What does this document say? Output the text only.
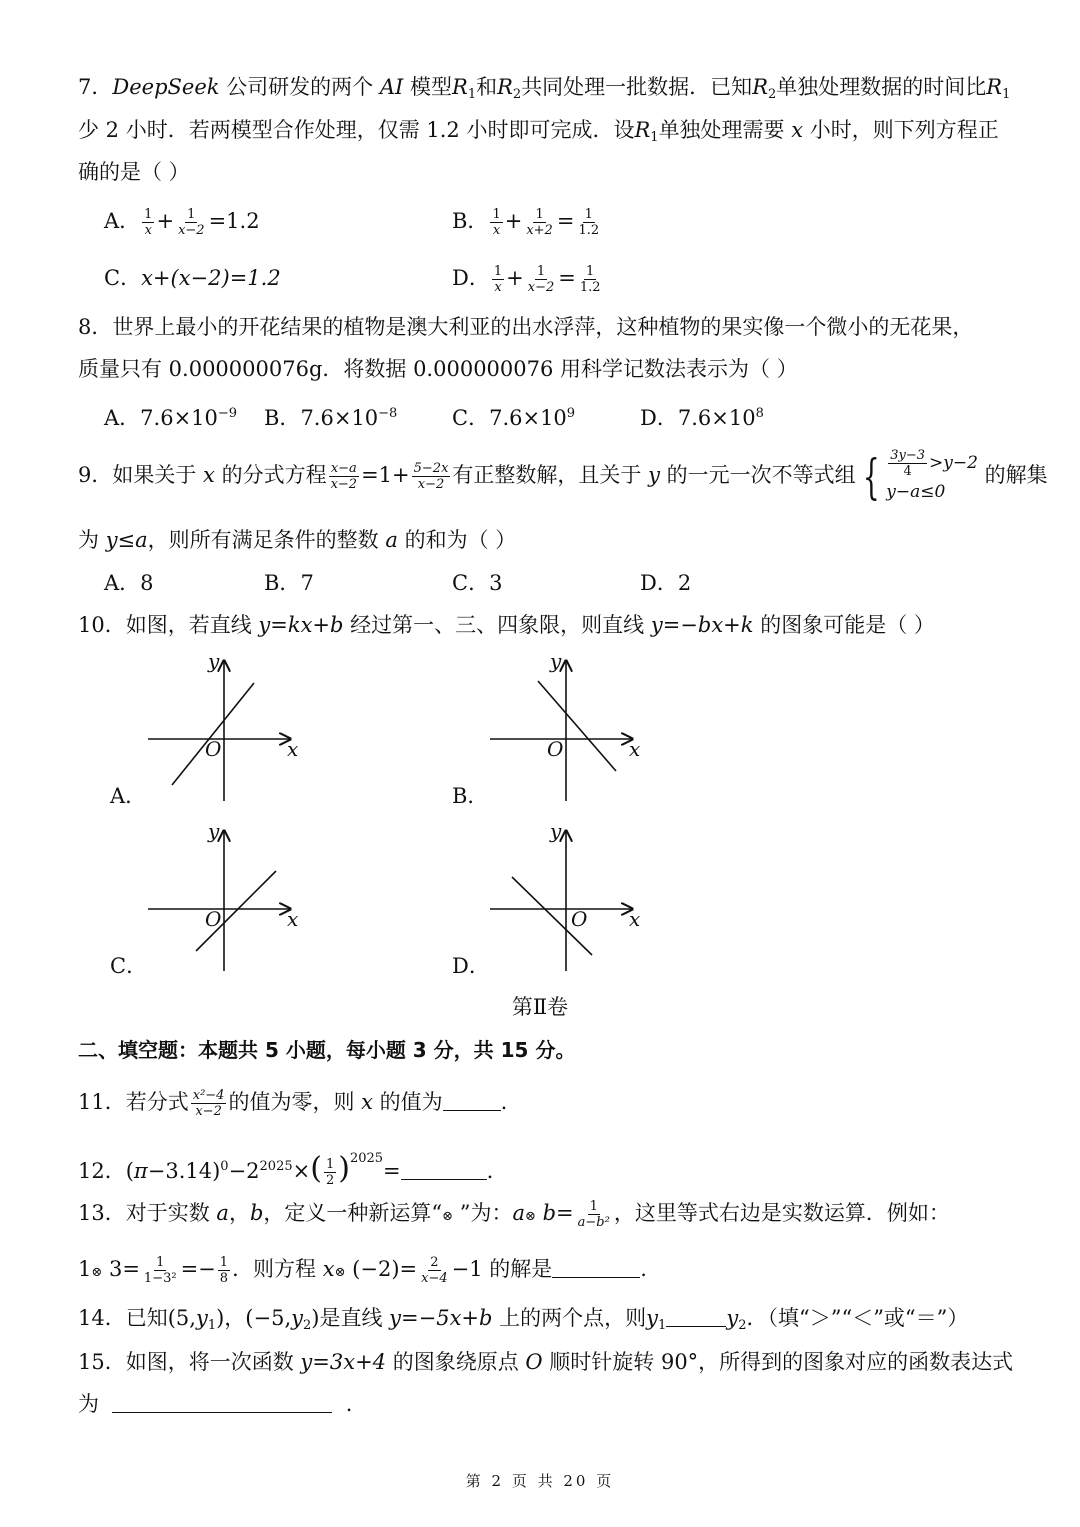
7．DeepSeek 公司研发的两个 AI 模型$R_1$和$R_2$共同处理一批数据．已知$R_2$单独处理数据的时间比$R_1$
少 2 小时．若两模型合作处理，仅需 1.2 小时即可完成．设$R_1$单独处理需要 x 小时，则下列方程正
确的是（ ）
A． $\frac{1}{x} + \frac{1}{x-2} =1.2$	B． $\frac{1}{x} + \frac{1}{x+2} = \frac{1}{1.2}$
C．x+(x−2)=1.2	D． $\frac{1}{x} + \frac{1}{x-2} = \frac{1}{1.2}$
8．世界上最小的开花结果的植物是澳大利亚的出水浮萍，这种植物的果实像一个微小的无花果，
质量只有 0.000000076g．将数据 0.000000076 用科学记数法表示为（ ）
A．$7.6\times 10^{-9}$ B．$7.6\times 10^{-8}$	C．$7.6\times 10^9$	D．$7.6\times 10^8$
9．如果关于 x 的分式方程 $\frac{x-a}{x-2} =1+ \frac{5-2x}{x-2}$ 有正整数解，且关于 y 的一元一次不等式组 { $\frac{3y-3}{4} >y-2$
y−a≤0
的解集
为 y≤a，则所有满足条件的整数 a 的和为（ ）
A．8	B．7	C．3	D．2
10．如图，若直线 y=kx+b 经过第一、三、四象限，则直线 y=−bx+k 的图象可能是（ ）
y
x
O
A．
y
x
O
B．
y
x
O
C．
y
x
O
D．
第Ⅱ卷
二、填空题：本题共 5 小题，每小题 3 分，共 15 分。
11．若分式 $\frac{\text{x²−4}}{x-2}$ 的值为零，则 x 的值为	.
12．$(\pi-3.14)^0-2^{2025}\times( \frac{1}{2} )^{2025}=$	.
13．对于实数 a，b，定义一种新运算“⊗ ”为：a⊗ $b= \frac{1}{\text{a−b²}}$ ，这里等式右边是实数运算．例如：
1⊗ $3= \frac{1}{\text{1−3²}} =- \frac{1}{8}$ ．则方程 x⊗ $(-2)= \frac{2}{x-4} -1$ 的解是	.
14．已知$(5,y_1)$，$(-5,y_2)$是直线 y=−5x+b 上的两个点，则$y_1$	$y_2$．（填“＞”“＜”或“＝”）
15．如图，将一次函数 y=3x+4 的图象绕原点 O 顺时针旋转 90°，所得到的图象对应的函数表达式
为	.
第 2 页 共 20 页
